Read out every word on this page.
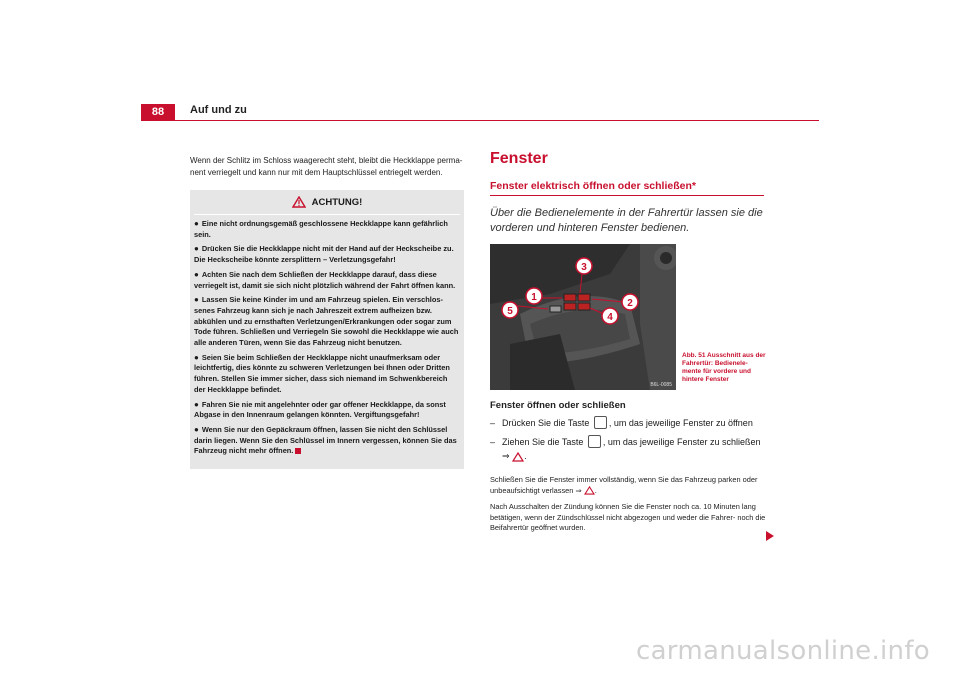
88	Auf und zu

Wenn der Schlitz im Schloss waagerecht steht, bleibt die Heckklappe perma-nent verriegelt und kann nur mit dem Hauptschlüssel entriegelt werden.

ACHTUNG!
● Eine nicht ordnungsgemäß geschlossene Heckklappe kann gefährlich sein.
● Drücken Sie die Heckklappe nicht mit der Hand auf der Heckscheibe zu. Die Heckscheibe könnte zersplittern – Verletzungsgefahr!
● Achten Sie nach dem Schließen der Heckklappe darauf, dass diese verriegelt ist, damit sie sich nicht plötzlich während der Fahrt öffnen kann.
● Lassen Sie keine Kinder im und am Fahrzeug spielen. Ein verschlos-senes Fahrzeug kann sich je nach Jahreszeit extrem aufheizen bzw. abkühlen und zu ernsthaften Verletzungen/Erkrankungen oder sogar zum Tode führen. Schließen und Verriegeln Sie sowohl die Heckklappe wie auch alle anderen Türen, wenn Sie das Fahrzeug nicht benutzen.
● Seien Sie beim Schließen der Heckklappe nicht unaufmerksam oder leichtfertig, dies könnte zu schweren Verletzungen bei Ihnen oder Dritten führen. Stellen Sie immer sicher, dass sich niemand im Schwenkbereich der Heckklappe befindet.
● Fahren Sie nie mit angelehnter oder gar offener Heckklappe, da sonst Abgase in den Innenraum gelangen könnten. Vergiftungsgefahr!
● Wenn Sie nur den Gepäckraum öffnen, lassen Sie nicht den Schlüssel darin liegen. Wenn Sie den Schlüssel im Innern vergessen, können Sie das Fahrzeug nicht mehr öffnen.
Fenster
Fenster elektrisch öffnen oder schließen*

Über die Bedienelemente in der Fahrertür lassen sie die vorderen und hinteren Fenster bedienen.

1
2
3
4
5
B6L-0085
Abb. 51 Ausschnitt aus der Fahrertür: Bedienele-mente für vordere und hintere Fenster
Fenster öffnen oder schließen
– Drücken Sie die Taste , um das jeweilige Fenster zu öffnen
– Ziehen Sie die Taste , um das jeweilige Fenster zu schließen
⇒ .

Schließen Sie die Fenster immer vollständig, wenn Sie das Fahrzeug parken oder unbeaufsichtigt verlassen ⇒ .

Nach Ausschalten der Zündung können Sie die Fenster noch ca. 10 Minuten lang betätigen, wenn der Zündschlüssel nicht abgezogen und weder die Fahrer- noch die Beifahrertür geöffnet wurden.

carmanualsonline.info
